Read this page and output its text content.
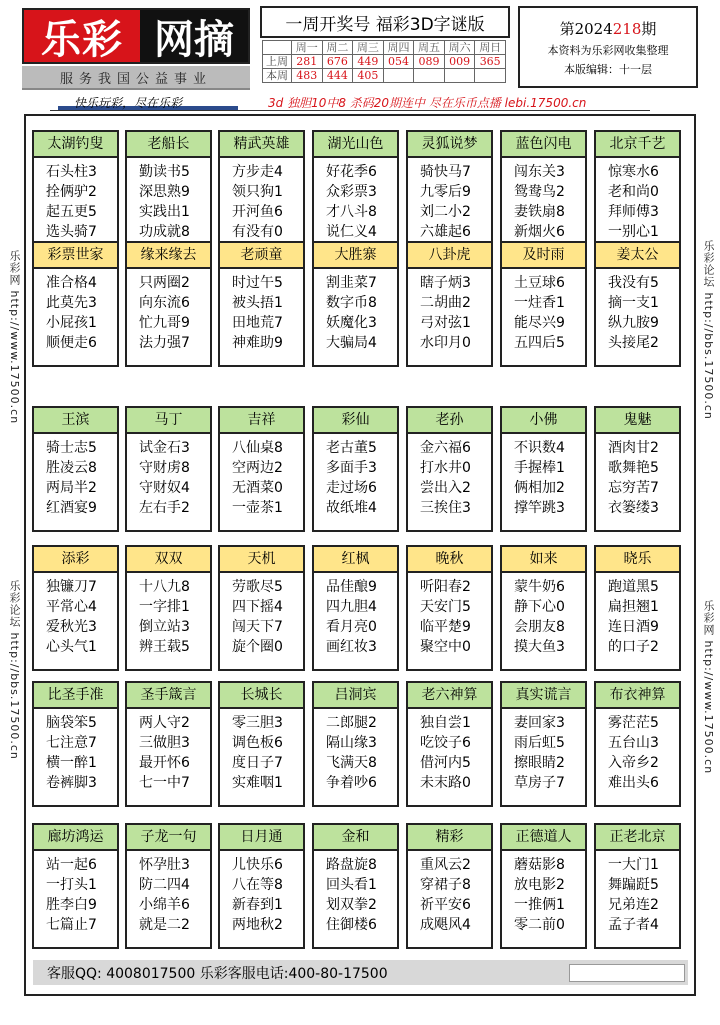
乐彩 网摘
服务我国公益事业
一周开奖号 福彩3D字谜版
	周一	周二	周三	周四	周五	周六	周日
上周	281	676	449	054	089	009	365
本周	483	444	405				
第2024218期
本资料为乐彩网收集整理
本版编辑：十一层
快乐玩彩，尽在乐彩	3d 独胆10中8 杀码20期连中 尽在乐币点播 lebi.17500.cn
乐彩网 http://www.17500.cn
乐彩论坛 http://bbs.17500.cn
乐彩论坛 http://bbs.17500.cn
乐彩网 http://www.17500.cn
太湖钓叟
石头柱3
拴俩驴2
起五更5
选头骑7
老船长
勤读书5
深思熟9
实践出1
功成就8
精武英雄
方步走4
领只狗1
开河鱼6
有没有0
湖光山色
好花季6
众彩票3
才八斗8
说仁义4
灵狐说梦
骑快马7
九零后9
刘二小2
六雄起6
蓝色闪电
闯东关3
鸳鸯鸟2
妻铁扇8
新烟火6
北京千艺
惊寒水6
老和尚0
拜师傅3
一别心1
彩票世家
准合格4
此莫先3
小屁孩1
顺便走6
缘来缘去
只两圈2
向东流6
忙九哥9
法力强7
老顽童
时过午5
被头捂1
田地荒7
神难助9
大胜寨
割韭菜7
数字币8
妖魔化3
大骗局4
八卦虎
瞎子炳3
二胡曲2
弓对弦1
水印月0
及时雨
土豆球6
一炷香1
能尽兴9
五四后5
姜太公
我没有5
摘一支1
纵九胺9
头接尾2
王滨
骑士志5
胜凌云8
两局半2
红酒宴9
马丁
试金石3
守财虏8
守财奴4
左右手2
吉祥
八仙桌8
空两边2
无酒菜0
一壶茶1
彩仙
老古董5
多面手3
走过场6
故纸堆4
老孙
金六福6
打水井0
尝出入2
三挨住3
小佛
不识数4
手握棒1
俩相加2
撑竿跳3
鬼魅
酒肉甘2
歌舞艳5
忘穷苦7
衣篓缕3
添彩
独镰刀7
平常心4
爱秋光3
心头气1
双双
十八九8
一字排1
倒立站3
辨王载5
天机
劳歌尽5
四下摇4
闯天下7
旋个圈0
红枫
品佳酿9
四九胆4
看月亮0
画红妆3
晚秋
听阳春2
天安门5
临平楚9
聚空中0
如来
蒙牛奶6
静下心0
会朋友8
摸大鱼3
晓乐
跑道黑5
扁担翘1
连日酒9
的口子2
比圣手准
脑袋笨5
七注意7
横一醉1
卷裤脚3
圣手箴言
两人守2
三做胆3
最开怀6
七一中7
长城长
零三胆3
调色板6
度日子7
实难咽1
吕洞宾
二郎腿2
隔山缘3
飞满天8
争着吵6
老六神算
独自尝1
吃饺子6
借河内5
未末路0
真实谎言
妻回家3
雨后虹5
擦眼睛2
草房子7
布衣神算
雾茫茫5
五台山3
入帝乡2
难出头6
廊坊鸿运
站一起6
一打头1
胜李白9
七篇止7
子龙一句
怀孕肚3
防二四4
小绵羊6
就是二2
日月通
儿快乐6
八在等8
新春到1
两地秋2
金和
路盘旋8
回头看1
划双拳2
住御楼6
精彩
重风云2
穿裙子8
祈平安6
成飓风4
正德道人
蘑菇影8
放电影2
一推俩1
零二前0
正老北京
一大门1
舞蹁跹5
兄弟连2
孟子者4
客服QQ: 4008017500 乐彩客服电话:400-80-17500
